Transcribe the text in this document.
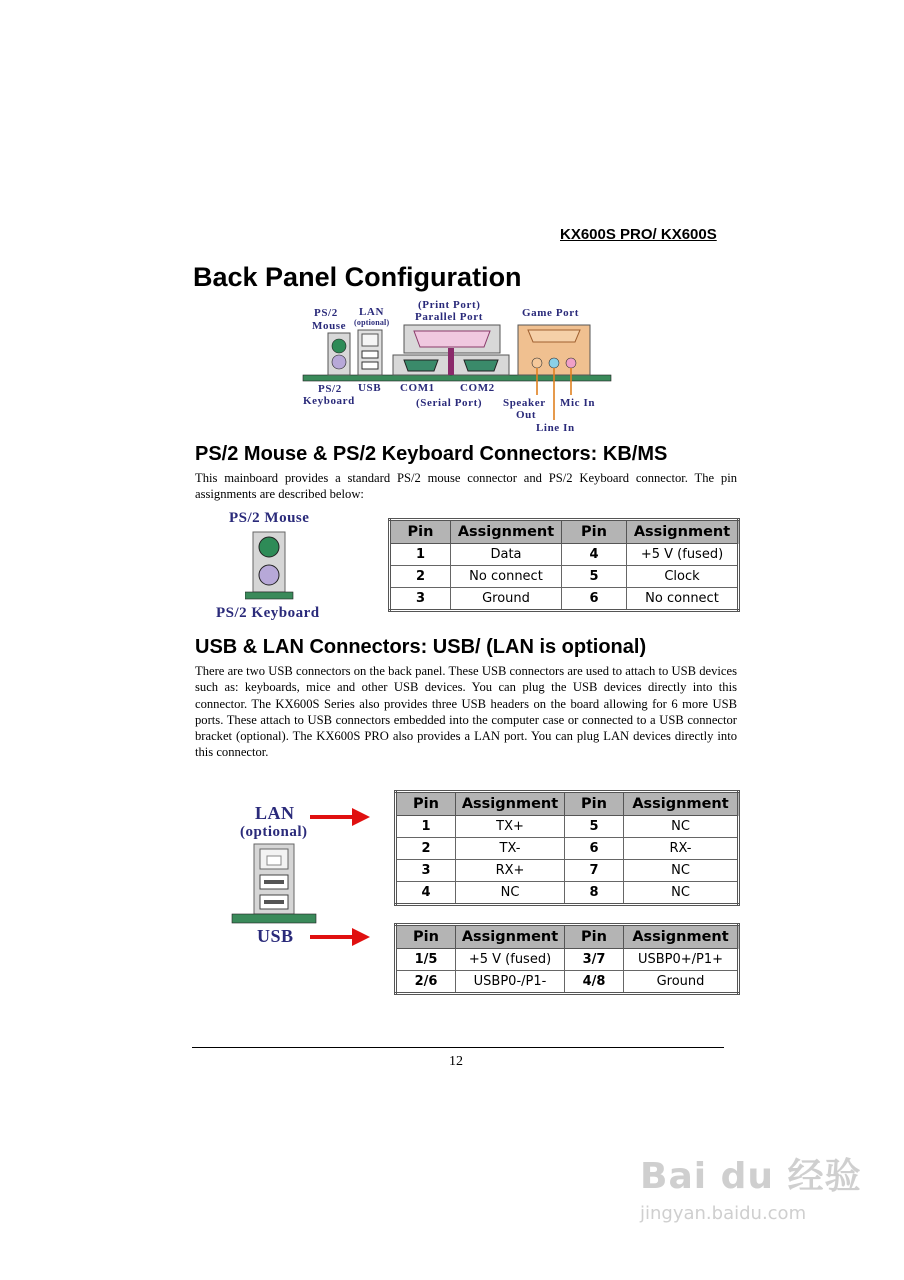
KX600S PRO/ KX600S
Back Panel Configuration
PS/2
Mouse
LAN
(optional)
(Print Port)
Parallel Port	Game Port
PS/2
Keyboard
USB COM1 COM2
(Serial Port) Speaker
Out
Mic In
Line In
PS/2 Mouse & PS/2 Keyboard Connectors: KB/MS
This mainboard provides a standard PS/2 mouse connector and PS/2 Keyboard connector. The pin assignments are described below:
PS/2 Mouse
PS/2 Keyboard
Pin	Assignment	Pin	Assignment
1	Data	4	+5 V (fused)
2	No connect	5	Clock
3	Ground	6	No connect
USB & LAN Connectors: USB/ (LAN is optional)
There are two USB connectors on the back panel. These USB connectors are used to attach to USB devices such as: keyboards, mice and other USB devices. You can plug the USB devices directly into this connector. The KX600S Series also provides three USB headers on the board allowing for 6 more USB ports. These attach to USB connectors embedded into the computer case or connected to a USB connector bracket (optional). The KX600S PRO also provides a LAN port. You can plug LAN devices directly into this connector.
LAN
(optional)
USB
Pin	Assignment	Pin	Assignment
1	TX+	5	NC
2	TX-	6	RX-
3	RX+	7	NC
4	NC	8	NC
Pin	Assignment	Pin	Assignment
1/5	+5 V (fused)	3/7	USBP0+/P1+
2/6	USBP0-/P1-	4/8	Ground
12
Bai du 经验
jingyan.baidu.com
